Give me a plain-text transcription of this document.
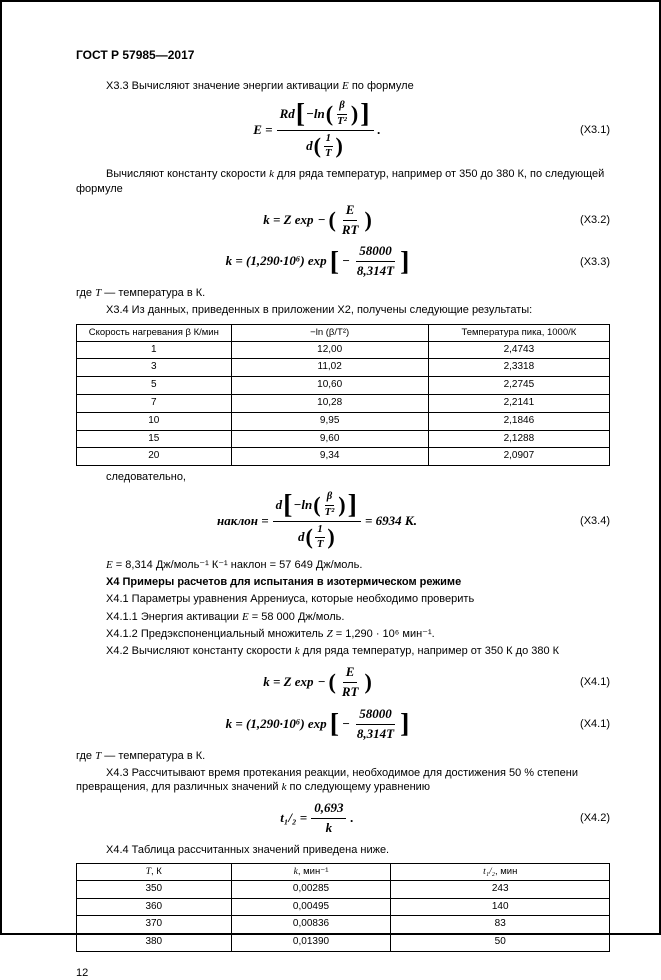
ГОСТ Р 57985—2017

Х3.3 Вычисляют значение энергии активации E по формуле

E =
Rd [ −ln ( $\frac{\beta}{\text{T²}}$ ) ]
d ( $\frac{1}{T}$ )
.	(Х3.1)

Вычисляют константу скорости k для ряда температур, например от 350 до 380 К, по следующей формуле

k = Z exp − ( $\frac{E}{RT}$ )	(Х3.2)
k = (1,290·10⁶) exp [ − $\frac{58000}{8,314T}$ ]	(Х3.3)

где T — температура в К.

Х3.4 Из данных, приведенных в приложении Х2, получены следующие результаты:

Скорость нагревания β К/мин	−ln (β/T²)	Температура пика, 1000/К
1	12,00	2,4743
3	11,02	2,3318
5	10,60	2,2745
7	10,28	2,2141
10	9,95	2,1846
15	9,60	2,1288
20	9,34	2,0907

следовательно,

наклон =
d [ −ln ( $\frac{\beta}{\text{T²}}$ ) ]
d ( $\frac{1}{T}$ )
= 6934 К.	(Х3.4)

E = 8,314 Дж/моль⁻¹ К⁻¹ наклон = 57 649 Дж/моль.

Х4 Примеры расчетов для испытания в изотермическом режиме

Х4.1 Параметры уравнения Аррениуса, которые необходимо проверить

Х4.1.1 Энергия активации E = 58 000 Дж/моль.

Х4.1.2 Предэкспоненциальный множитель Z = 1,290 · 10⁶ мин⁻¹.

Х4.2 Вычисляют константу скорости k для ряда температур, например от 350 К до 380 К

k = Z exp − ( $\frac{E}{RT}$ )	(Х4.1)
k = (1,290·10⁶) exp [ − $\frac{58000}{8,314T}$ ]	(Х4.1)

где T — температура в К.

Х4.3 Рассчитывают время протекания реакции, необходимое для достижения 50 % степени превращения, для различных значений k по следующему уравнению

$t_1/_2 = \frac{0,693}{k}$ .	(Х4.2)

Х4.4 Таблица рассчитанных значений приведена ниже.

T, К	k, мин⁻¹	t₁/₂, мин
350	0,00285	243
360	0,00495	140
370	0,00836	83
380	0,01390	50
12
